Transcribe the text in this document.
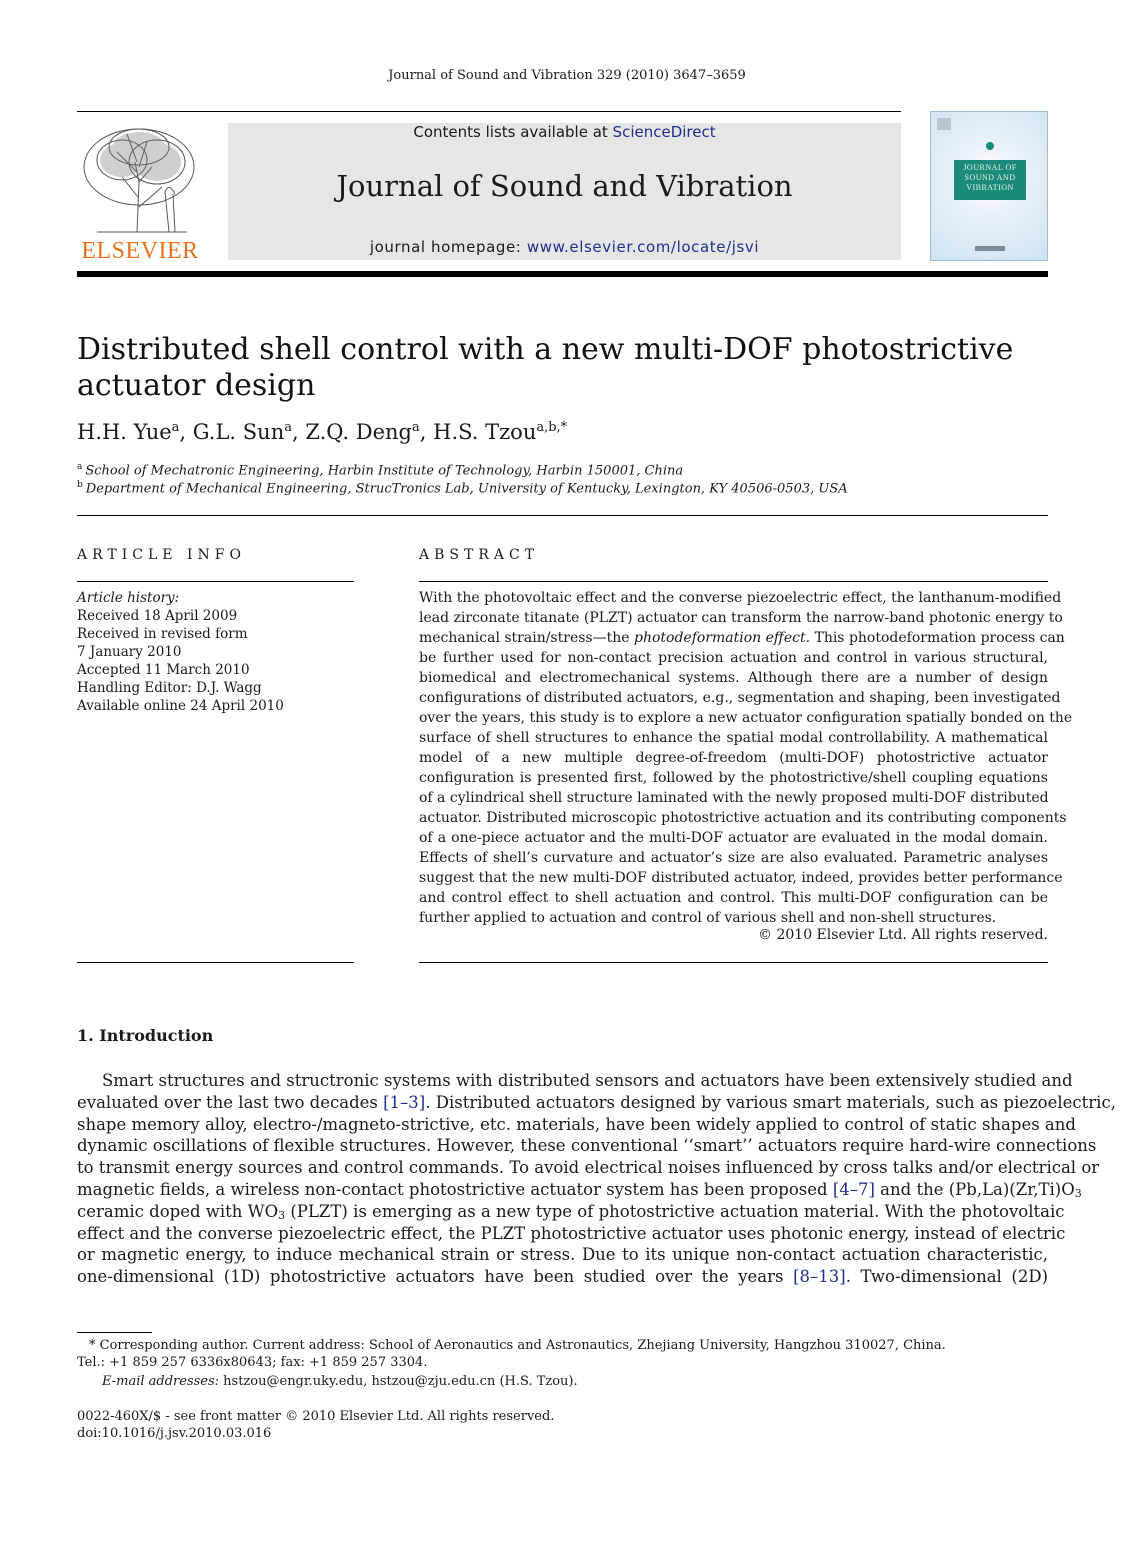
Journal of Sound and Vibration 329 (2010) 3647–3659
ELSEVIER
Contents lists available at ScienceDirect
Journal of Sound and Vibration
journal homepage: www.elsevier.com/locate/jsvi
JOURNAL OF
SOUND AND
VIBRATION
Distributed shell control with a new multi-DOF photostrictive
actuator design
H.H. Yue$^a$, G.L. Sun$^a$, Z.Q. Deng$^a$, H.S. Tzou$^{a,b,*}$
$^a$ School of Mechatronic Engineering, Harbin Institute of Technology, Harbin 150001, China
$^b$ Department of Mechanical Engineering, StrucTronics Lab, University of Kentucky, Lexington, KY 40506-0503, USA
ARTICLE INFO
Article history:
Received 18 April 2009
Received in revised form
7 January 2010
Accepted 11 March 2010
Handling Editor: D.J. Wagg
Available online 24 April 2010
ABSTRACT
With the photovoltaic effect and the converse piezoelectric effect, the lanthanum-modified
lead zirconate titanate (PLZT) actuator can transform the narrow-band photonic energy to
mechanical strain/stress—the photodeformation effect. This photodeformation process can
be further used for non-contact precision actuation and control in various structural,
biomedical and electromechanical systems. Although there are a number of design
configurations of distributed actuators, e.g., segmentation and shaping, been investigated
over the years, this study is to explore a new actuator configuration spatially bonded on the
surface of shell structures to enhance the spatial modal controllability. A mathematical
model of a new multiple degree-of-freedom (multi-DOF) photostrictive actuator
configuration is presented first, followed by the photostrictive/shell coupling equations
of a cylindrical shell structure laminated with the newly proposed multi-DOF distributed
actuator. Distributed microscopic photostrictive actuation and its contributing components
of a one-piece actuator and the multi-DOF actuator are evaluated in the modal domain.
Effects of shell’s curvature and actuator’s size are also evaluated. Parametric analyses
suggest that the new multi-DOF distributed actuator, indeed, provides better performance
and control effect to shell actuation and control. This multi-DOF configuration can be
further applied to actuation and control of various shell and non-shell structures.
© 2010 Elsevier Ltd. All rights reserved.
1. Introduction
Smart structures and structronic systems with distributed sensors and actuators have been extensively studied and
evaluated over the last two decades [1–3]. Distributed actuators designed by various smart materials, such as piezoelectric,
shape memory alloy, electro-/magneto-strictive, etc. materials, have been widely applied to control of static shapes and
dynamic oscillations of flexible structures. However, these conventional ‘‘smart’’ actuators require hard-wire connections
to transmit energy sources and control commands. To avoid electrical noises influenced by cross talks and/or electrical or
magnetic fields, a wireless non-contact photostrictive actuator system has been proposed [4–7] and the $(Pb,La)(Zr,Ti)O_3$
ceramic doped with $WO_3$ (PLZT) is emerging as a new type of photostrictive actuation material. With the photovoltaic
effect and the converse piezoelectric effect, the PLZT photostrictive actuator uses photonic energy, instead of electric
or magnetic energy, to induce mechanical strain or stress. Due to its unique non-contact actuation characteristic,
one-dimensional (1D) photostrictive actuators have been studied over the years [8–13]. Two-dimensional (2D)
* Corresponding author. Current address: School of Aeronautics and Astronautics, Zhejiang University, Hangzhou 310027, China.
Tel.: +1 859 257 6336x80643; fax: +1 859 257 3304.
E-mail addresses: hstzou@engr.uky.edu, hstzou@zju.edu.cn (H.S. Tzou).
0022-460X/$ - see front matter © 2010 Elsevier Ltd. All rights reserved.
doi:10.1016/j.jsv.2010.03.016
